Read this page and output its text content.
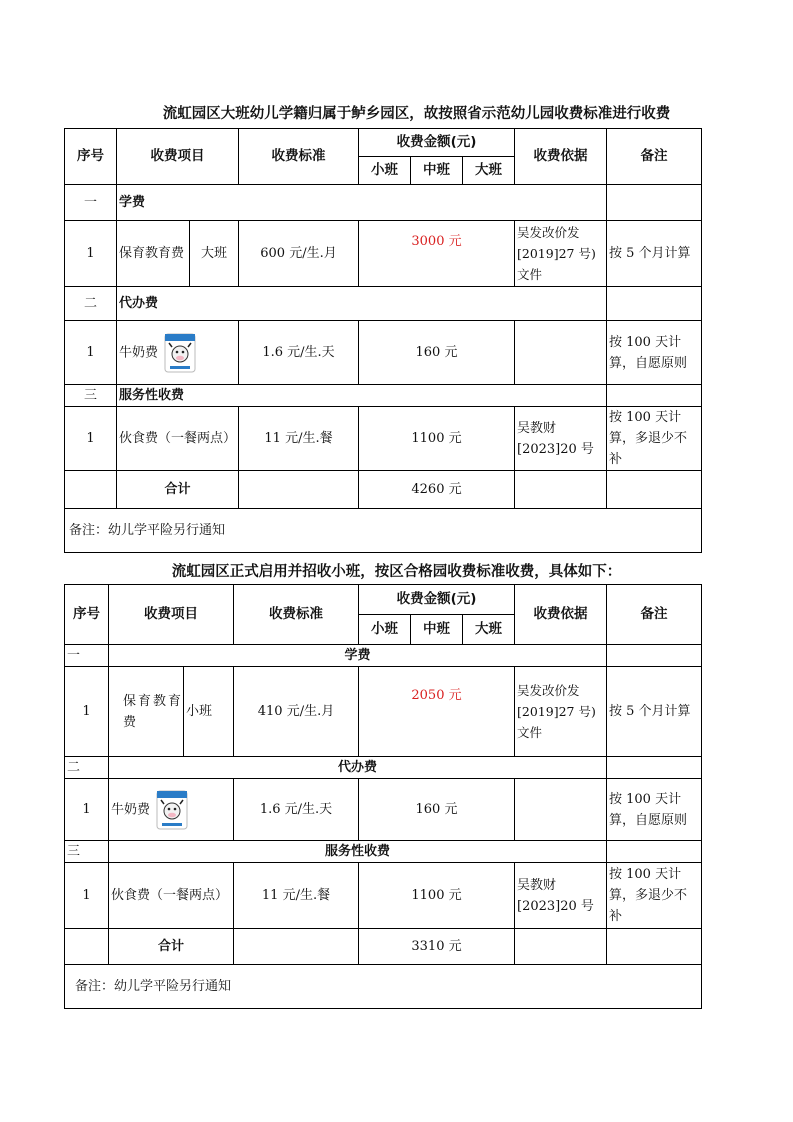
流虹园区大班幼儿学籍归属于鲈乡园区，故按照省示范幼儿园收费标准进行收费
序号	收费项目		收费标准	收费金额(元)			收费依据	备注
				小班	中班	大班		
一	学费							
1	保育教育费	大班	600 元/生.月	3000 元			吴发改价发[2019]27 号)文件	按 5 个月计算
二	代办费							
1	牛奶费		1.6 元/生.天	160 元				按 100 天计算，自愿原则
三	服务性收费							
1	伙食费（一餐两点）		11 元/生.餐	1100 元			吴教财[2023]20 号	按 100 天计算，多退少不补
	合计			4260 元				
备注：幼儿学平险另行通知								
流虹园区正式启用并招收小班，按区合格园收费标准收费，具体如下：
序号	收费项目		收费标准	收费金额(元)			收费依据	备注
				小班	中班	大班		
一	学费							
1	保育教育费	小班	410 元/生.月	2050 元			吴发改价发[2019]27 号)文件	按 5 个月计算
二	代办费							
1	牛奶费		1.6 元/生.天	160 元				按 100 天计算，自愿原则
三	服务性收费							
1	伙食费（一餐两点）		11 元/生.餐	1100 元			吴教财[2023]20 号	按 100 天计算，多退少不补
	合计			3310 元				
备注：幼儿学平险另行通知								
